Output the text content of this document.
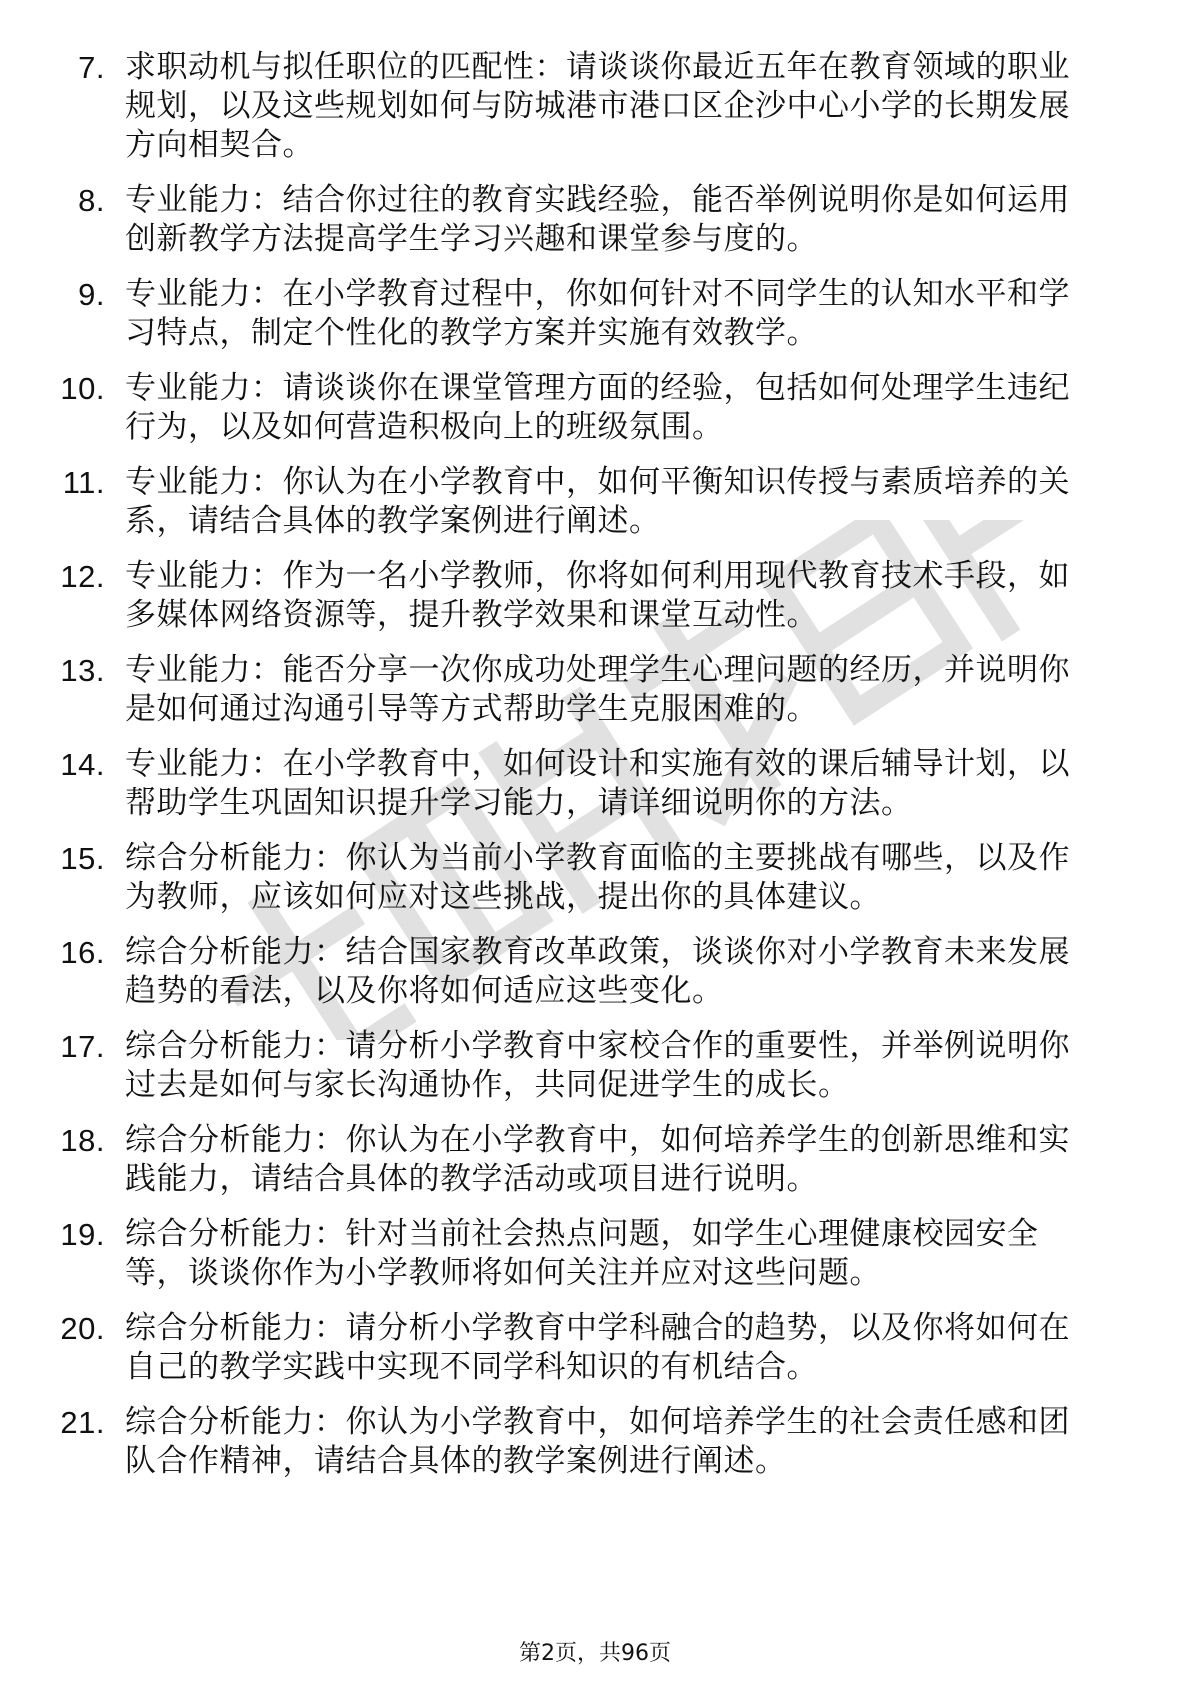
7. 求职动机与拟任职位的匹配性：请谈谈你最近五年在教育领域的职业规划，以及这些规划如何与防城港市港口区企沙中心小学的长期发展方向相契合。
8. 专业能力：结合你过往的教育实践经验，能否举例说明你是如何运用创新教学方法提高学生学习兴趣和课堂参与度的。
9. 专业能力：在小学教育过程中，你如何针对不同学生的认知水平和学习特点，制定个性化的教学方案并实施有效教学。
10. 专业能力：请谈谈你在课堂管理方面的经验，包括如何处理学生违纪行为，以及如何营造积极向上的班级氛围。
11. 专业能力：你认为在小学教育中，如何平衡知识传授与素质培养的关系，请结合具体的教学案例进行阐述。
12. 专业能力：作为一名小学教师，你将如何利用现代教育技术手段，如多媒体网络资源等，提升教学效果和课堂互动性。
13. 专业能力：能否分享一次你成功处理学生心理问题的经历，并说明你是如何通过沟通引导等方式帮助学生克服困难的。
14. 专业能力：在小学教育中，如何设计和实施有效的课后辅导计划，以帮助学生巩固知识提升学习能力，请详细说明你的方法。
15. 综合分析能力：你认为当前小学教育面临的主要挑战有哪些，以及作为教师，应该如何应对这些挑战，提出你的具体建议。
16. 综合分析能力：结合国家教育改革政策，谈谈你对小学教育未来发展趋势的看法，以及你将如何适应这些变化。
17. 综合分析能力：请分析小学教育中家校合作的重要性，并举例说明你过去是如何与家长沟通协作，共同促进学生的成长。
18. 综合分析能力：你认为在小学教育中，如何培养学生的创新思维和实践能力，请结合具体的教学活动或项目进行说明。
19. 综合分析能力：针对当前社会热点问题，如学生心理健康校园安全等，谈谈你作为小学教师将如何关注并应对这些问题。
20. 综合分析能力：请分析小学教育中学科融合的趋势，以及你将如何在自己的教学实践中实现不同学科知识的有机结合。
21. 综合分析能力：你认为小学教育中，如何培养学生的社会责任感和团队合作精神，请结合具体的教学案例进行阐述。
第2页，共96页
